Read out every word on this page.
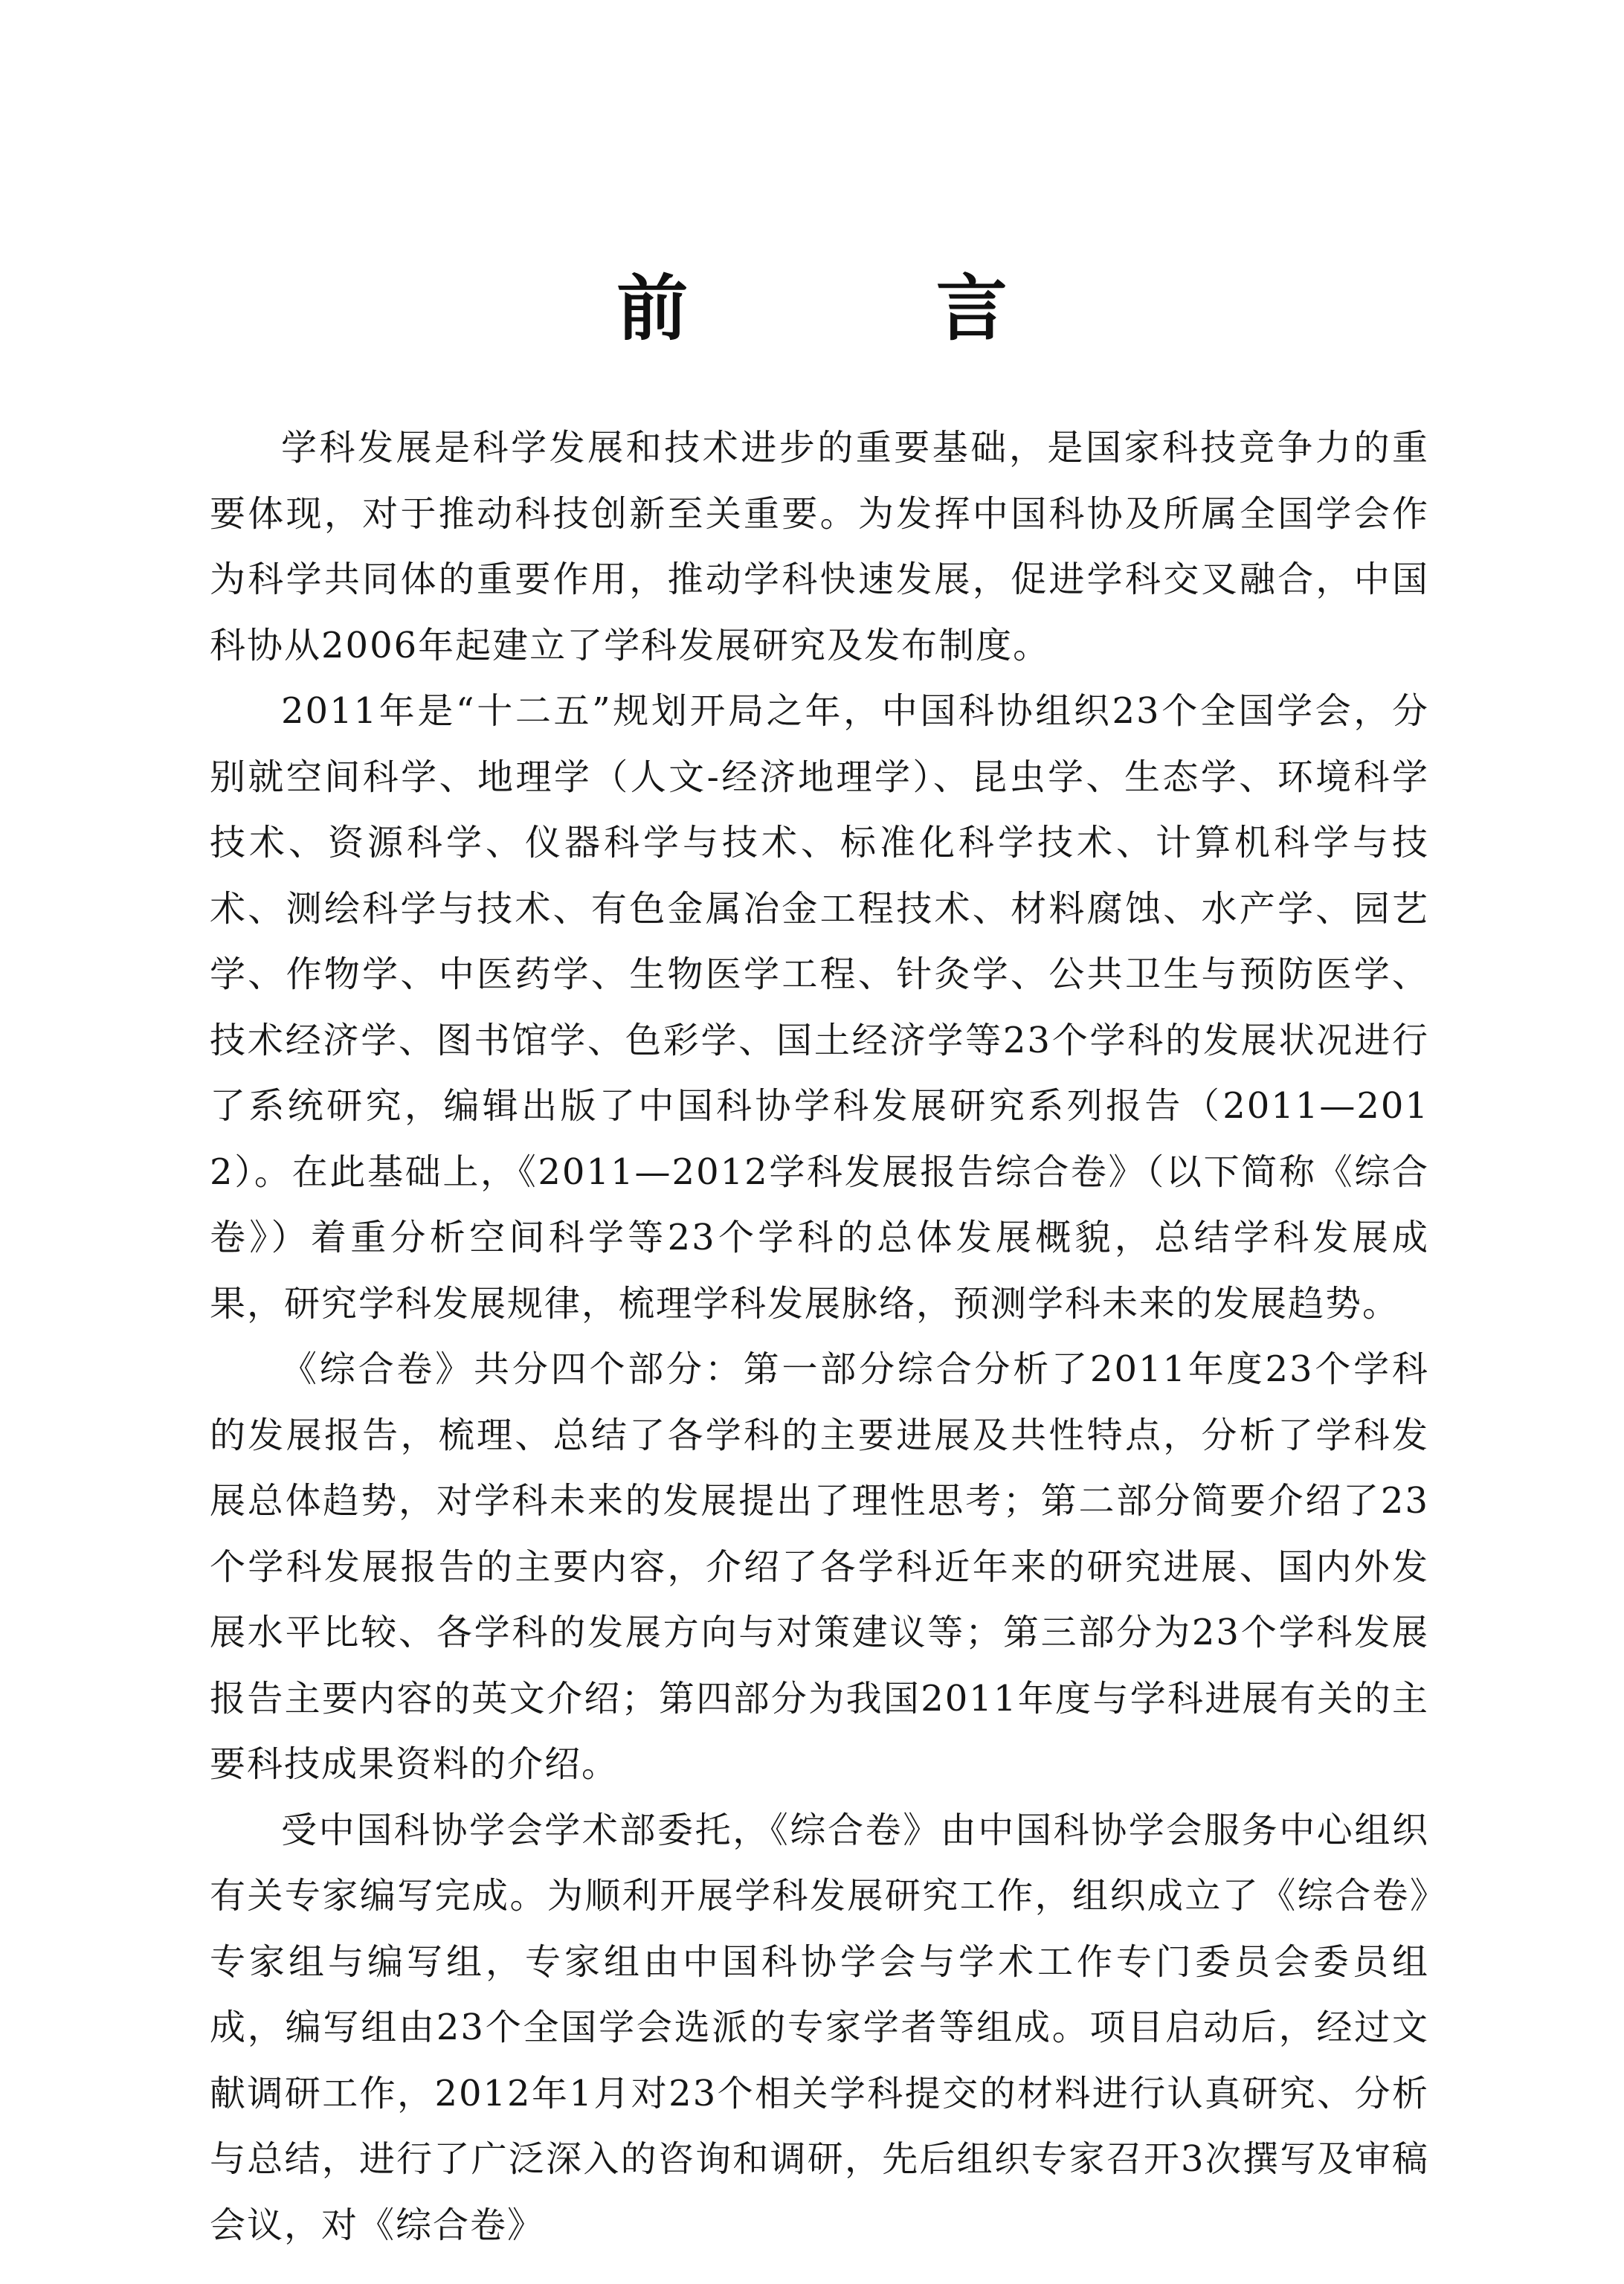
前 言

学科发展是科学发展和技术进步的重要基础，是国家科技竞争力的重要体现，对于推动科技创新至关重要。为发挥中国科协及所属全国学会作为科学共同体的重要作用，推动学科快速发展，促进学科交叉融合，中国科协从2006年起建立了学科发展研究及发布制度。

2011年是“十二五”规划开局之年，中国科协组织23个全国学会，分别就空间科学、地理学（人文-经济地理学）、昆虫学、生态学、环境科学技术、资源科学、仪器科学与技术、标准化科学技术、计算机科学与技术、测绘科学与技术、有色金属冶金工程技术、材料腐蚀、水产学、园艺学、作物学、中医药学、生物医学工程、针灸学、公共卫生与预防医学、技术经济学、图书馆学、色彩学、国土经济学等23个学科的发展状况进行了系统研究，编辑出版了中国科协学科发展研究系列报告（2011—2012）。在此基础上，《2011—2012学科发展报告综合卷》（以下简称《综合卷》）着重分析空间科学等23个学科的总体发展概貌，总结学科发展成果，研究学科发展规律，梳理学科发展脉络，预测学科未来的发展趋势。

《综合卷》共分四个部分：第一部分综合分析了2011年度23个学科的发展报告，梳理、总结了各学科的主要进展及共性特点，分析了学科发展总体趋势，对学科未来的发展提出了理性思考；第二部分简要介绍了23个学科发展报告的主要内容，介绍了各学科近年来的研究进展、国内外发展水平比较、各学科的发展方向与对策建议等；第三部分为23个学科发展报告主要内容的英文介绍；第四部分为我国2011年度与学科进展有关的主要科技成果资料的介绍。

受中国科协学会学术部委托，《综合卷》由中国科协学会服务中心组织有关专家编写完成。为顺利开展学科发展研究工作，组织成立了《综合卷》专家组与编写组，专家组由中国科协学会与学术工作专门委员会委员组成，编写组由23个全国学会选派的专家学者等组成。项目启动后，经过文献调研工作，2012年1月对23个相关学科提交的材料进行认真研究、分析与总结，进行了广泛深入的咨询和调研，先后组织专家召开3次撰写及审稿会议，对《综合卷》
